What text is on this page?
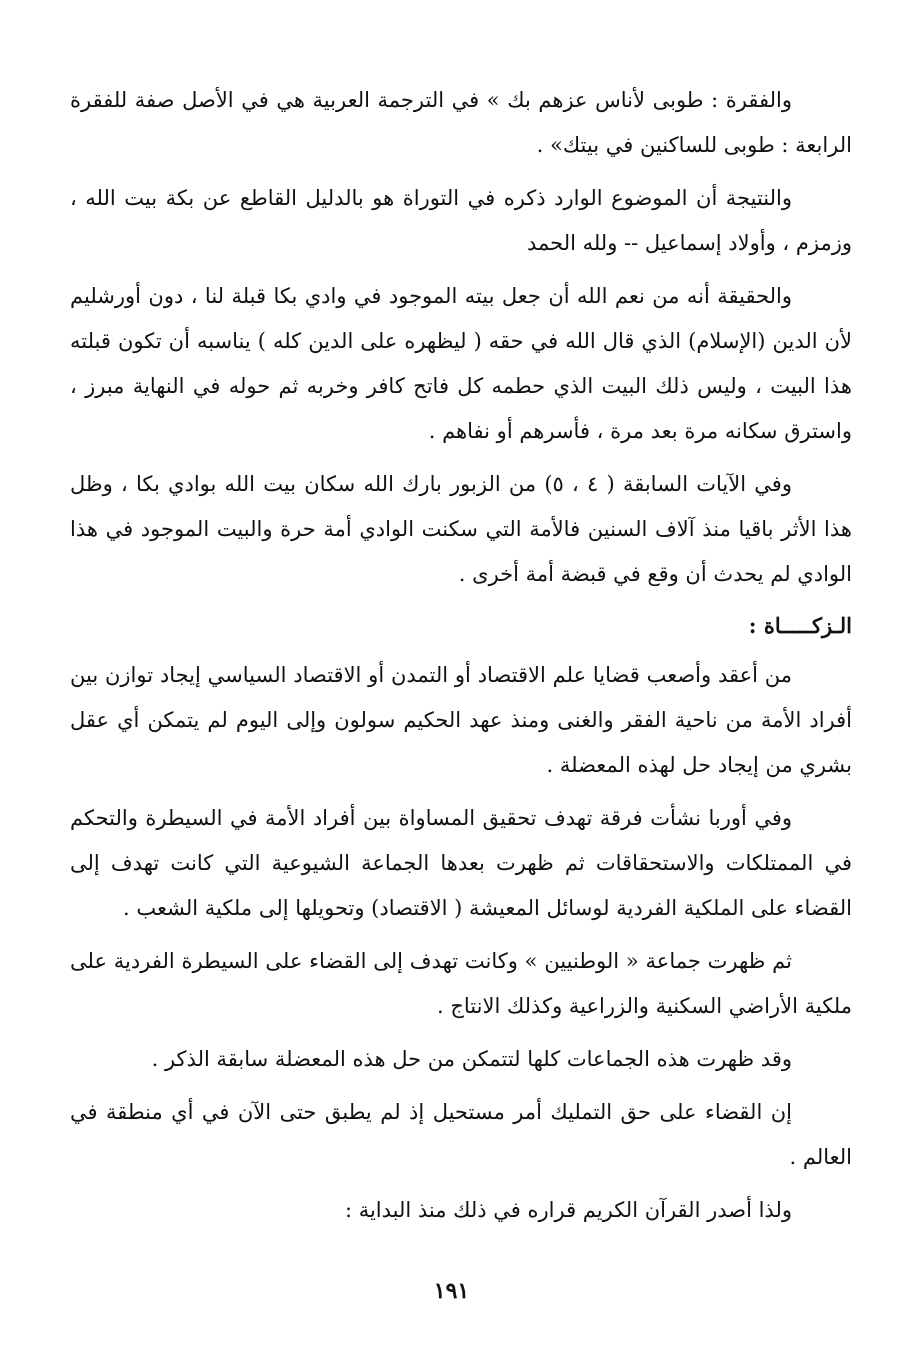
والفقرة : طوبى لأناس عزهم بك » في الترجمة العربية هي في الأصل صفة للفقرة الرابعة : طوبى للساكنين في بيتك» .

والنتيجة أن الموضوع الوارد ذكره في التوراة هو بالدليل القاطع عن بكة بيت الله ، وزمزم ، وأولاد إسماعيل -- ولله الحمد

والحقيقة أنه من نعم الله أن جعل بيته الموجود في وادي بكا قبلة لنا ، دون أورشليم لأن الدين (الإسلام) الذي قال الله في حقه ( ليظهره على الدين كله ) يناسبه أن تكون قبلته هذا البيت ، وليس ذلك البيت الذي حطمه كل فاتح كافر وخربه ثم حوله في النهاية مبرز ، واسترق سكانه مرة بعد مرة ، فأسرهم أو نفاهم .

وفي الآيات السابقة ( ٤ ، ٥) من الزبور بارك الله سكان بيت الله بوادي بكا ، وظل هذا الأثر باقيا منذ آلاف السنين فالأمة التي سكنت الوادي أمة حرة والبيت الموجود في هذا الوادي لم يحدث أن وقع في قبضة أمة أخرى .

الـزكـــــاة :

من أعقد وأصعب قضايا علم الاقتصاد أو التمدن أو الاقتصاد السياسي إيجاد توازن بين أفراد الأمة من ناحية الفقر والغنى ومنذ عهد الحكيم سولون وإلى اليوم لم يتمكن أي عقل بشري من إيجاد حل لهذه المعضلة .

وفي أوربا نشأت فرقة تهدف تحقيق المساواة بين أفراد الأمة في السيطرة والتحكم في الممتلكات والاستحقاقات ثم ظهرت بعدها الجماعة الشيوعية التي كانت تهدف إلى القضاء على الملكية الفردية لوسائل المعيشة ( الاقتصاد) وتحويلها إلى ملكية الشعب .

ثم ظهرت جماعة « الوطنيين » وكانت تهدف إلى القضاء على السيطرة الفردية على ملكية الأراضي السكنية والزراعية وكذلك الانتاج .

وقد ظهرت هذه الجماعات كلها لتتمكن من حل هذه المعضلة سابقة الذكر .

إن القضاء على حق التمليك أمر مستحيل إذ لم يطبق حتى الآن في أي منطقة في العالم .

ولذا أصدر القرآن الكريم قراره في ذلك منذ البداية :

١٩١
